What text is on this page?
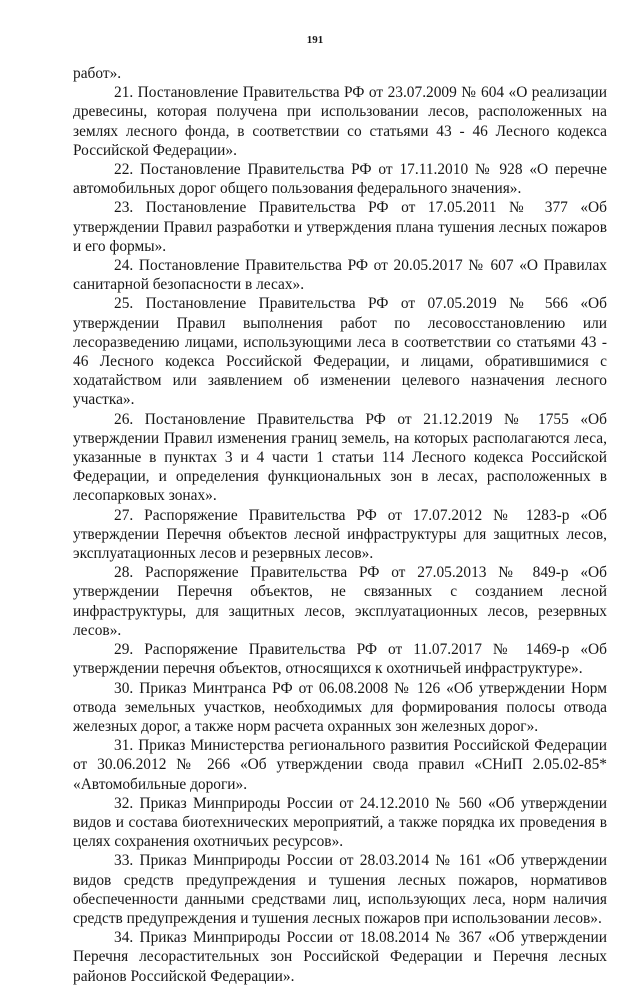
191

работ».

21. Постановление Правительства РФ от 23.07.2009 № 604 «О реализации древесины, которая получена при использовании лесов, расположенных на землях лесного фонда, в соответствии со статьями 43 - 46 Лесного кодекса Российской Федерации».

22. Постановление Правительства РФ от 17.11.2010 № 928 «О перечне автомобильных дорог общего пользования федерального значения».

23. Постановление Правительства РФ от 17.05.2011 № 377 «Об утверждении Правил разработки и утверждения плана тушения лесных пожаров и его формы».

24. Постановление Правительства РФ от 20.05.2017 № 607 «О Правилах санитарной безопасности в лесах».

25. Постановление Правительства РФ от 07.05.2019 № 566 «Об утверждении Правил выполнения работ по лесовосстановлению или лесоразведению лицами, использующими леса в соответствии со статьями 43 - 46 Лесного кодекса Российской Федерации, и лицами, обратившимися с ходатайством или заявлением об изменении целевого назначения лесного участка».

26. Постановление Правительства РФ от 21.12.2019 № 1755 «Об утверждении Правил изменения границ земель, на которых располагаются леса, указанные в пунктах 3 и 4 части 1 статьи 114 Лесного кодекса Российской Федерации, и определения функциональных зон в лесах, расположенных в лесопарковых зонах».

27. Распоряжение Правительства РФ от 17.07.2012 № 1283-р «Об утверждении Перечня объектов лесной инфраструктуры для защитных лесов, эксплуатационных лесов и резервных лесов».

28. Распоряжение Правительства РФ от 27.05.2013 № 849-р «Об утверждении Перечня объектов, не связанных с созданием лесной инфраструктуры, для защитных лесов, эксплуатационных лесов, резервных лесов».

29. Распоряжение Правительства РФ от 11.07.2017 № 1469-р «Об утверждении перечня объектов, относящихся к охотничьей инфраструктуре».

30. Приказ Минтранса РФ от 06.08.2008 № 126 «Об утверждении Норм отвода земельных участков, необходимых для формирования полосы отвода железных дорог, а также норм расчета охранных зон железных дорог».

31. Приказ Министерства регионального развития Российской Федерации от 30.06.2012 № 266 «Об утверждении свода правил «СНиП 2.05.02-85* «Автомобильные дороги».

32. Приказ Минприроды России от 24.12.2010 № 560 «Об утверждении видов и состава биотехнических мероприятий, а также порядка их проведения в целях сохранения охотничьих ресурсов».

33. Приказ Минприроды России от 28.03.2014 № 161 «Об утверждении видов средств предупреждения и тушения лесных пожаров, нормативов обеспеченности данными средствами лиц, использующих леса, норм наличия средств предупреждения и тушения лесных пожаров при использовании лесов».

34. Приказ Минприроды России от 18.08.2014 № 367 «Об утверждении Перечня лесорастительных зон Российской Федерации и Перечня лесных районов Российской Федерации».
